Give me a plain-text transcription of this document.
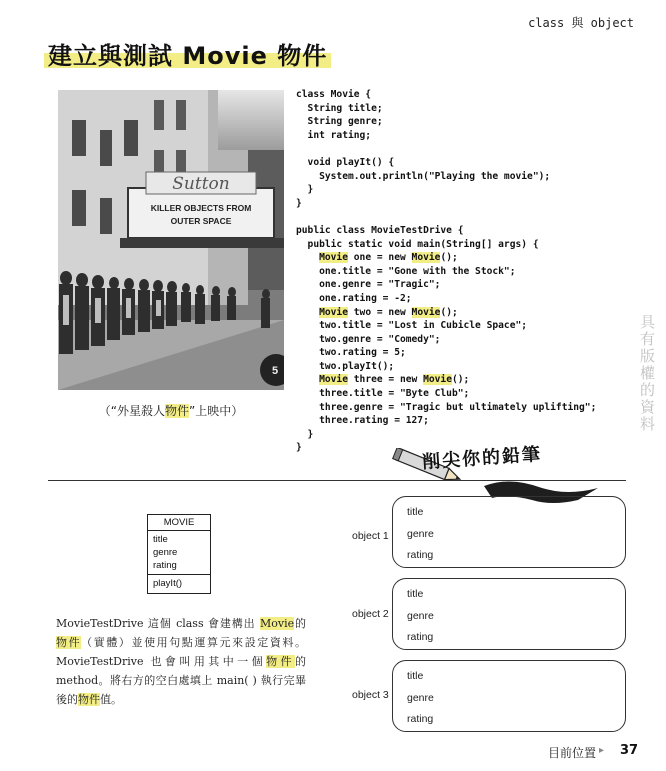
class 與 object
建立與測試 Movie 物件
Sutton
KILLER OBJECTS FROM
OUTER SPACE
5
（“外星殺人物件”上映中）
class Movie {
String title;
String genre;
int rating;

void playIt() {
System.out.println("Playing the movie");
}
}

public class MovieTestDrive {
public static void main(String[] args) {
Movie one = new Movie();
one.title = "Gone with the Stock";
one.genre = "Tragic";
one.rating = -2;
Movie two = new Movie();
two.title = "Lost in Cubicle Space";
two.genre = "Comedy";
two.rating = 5;
two.playIt();
Movie three = new Movie();
three.title = "Byte Club";
three.genre = "Tragic but ultimately uplifting";
three.rating = 127;
}
}
具有版權的資料
削尖你的鉛筆
MOVIE
title
genre
rating
playIt()
MovieTestDrive 這個 class 會建構出 Movie的物件（實體）並使用句點運算元來設定資料。MovieTestDrive 也會叫用其中一個物件的method。將右方的空白處填上 main( ) 執行完畢後的物件值。
object 1
title
genre
rating
object 2
title
genre
rating
object 3
title
genre
rating
目前位置 ▸ 37
